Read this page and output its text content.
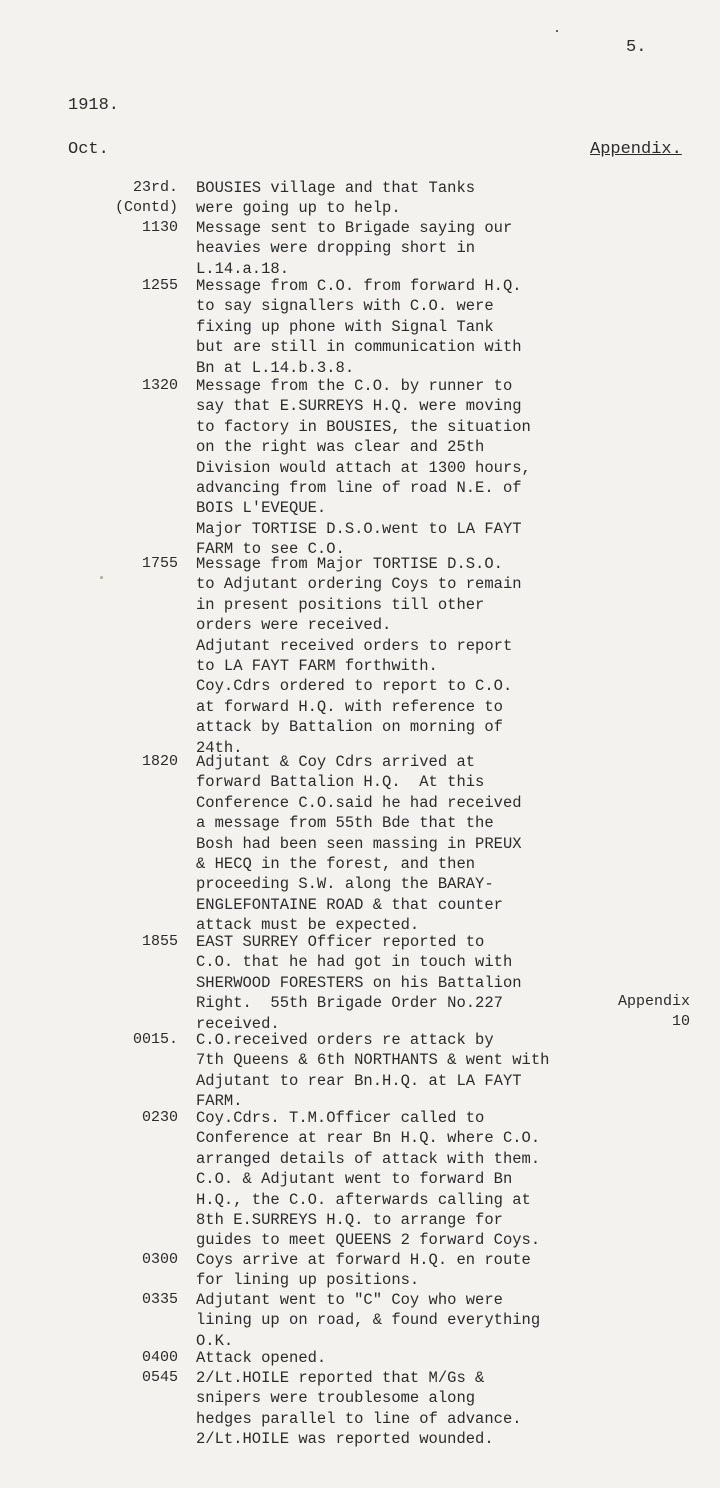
5.
1918.
Oct.	Appendix.
23rd.
(Contd)
BOUSIES village and that Tanks
were going up to help.
1130 Message sent to Brigade saying our
heavies were dropping short in
L.14.a.18.
1255 Message from C.O. from forward H.Q.
to say signallers with C.O. were
fixing up phone with Signal Tank
but are still in communication with
Bn at L.14.b.3.8.
1320 Message from the C.O. by runner to
say that E.SURREYS H.Q. were moving
to factory in BOUSIES, the situation
on the right was clear and 25th
Division would attach at 1300 hours,
advancing from line of road N.E. of
BOIS L'EVEQUE.
Major TORTISE D.S.O.went to LA FAYT
FARM to see C.O.
1755 Message from Major TORTISE D.S.O.
to Adjutant ordering Coys to remain
in present positions till other
orders were received.
Adjutant received orders to report
to LA FAYT FARM forthwith.
Coy.Cdrs ordered to report to C.O.
at forward H.Q. with reference to
attack by Battalion on morning of
24th.
1820 Adjutant & Coy Cdrs arrived at
forward Battalion H.Q.  At this
Conference C.O.said he had received
a message from 55th Bde that the
Bosh had been seen massing in PREUX
& HECQ in the forest, and then
proceeding S.W. along the BARAY-
ENGLEFONTAINE ROAD & that counter
attack must be expected.
1855 EAST SURREY Officer reported to
C.O. that he had got in touch with
SHERWOOD FORESTERS on his Battalion
Right.  55th Brigade Order No.227
received.
Appendix
10
0015. C.O.received orders re attack by
7th Queens & 6th NORTHANTS & went with
Adjutant to rear Bn.H.Q. at LA FAYT
FARM.
0230 Coy.Cdrs. T.M.Officer called to
Conference at rear Bn H.Q. where C.O.
arranged details of attack with them.
C.O. & Adjutant went to forward Bn
H.Q., the C.O. afterwards calling at
8th E.SURREYS H.Q. to arrange for
guides to meet QUEENS 2 forward Coys.
0300 Coys arrive at forward H.Q. en route
for lining up positions.
0335 Adjutant went to "C" Coy who were
lining up on road, & found everything
O.K.
0400 Attack opened.
0545 2/Lt.HOILE reported that M/Gs &
snipers were troublesome along
hedges parallel to line of advance.
2/Lt.HOILE was reported wounded.
